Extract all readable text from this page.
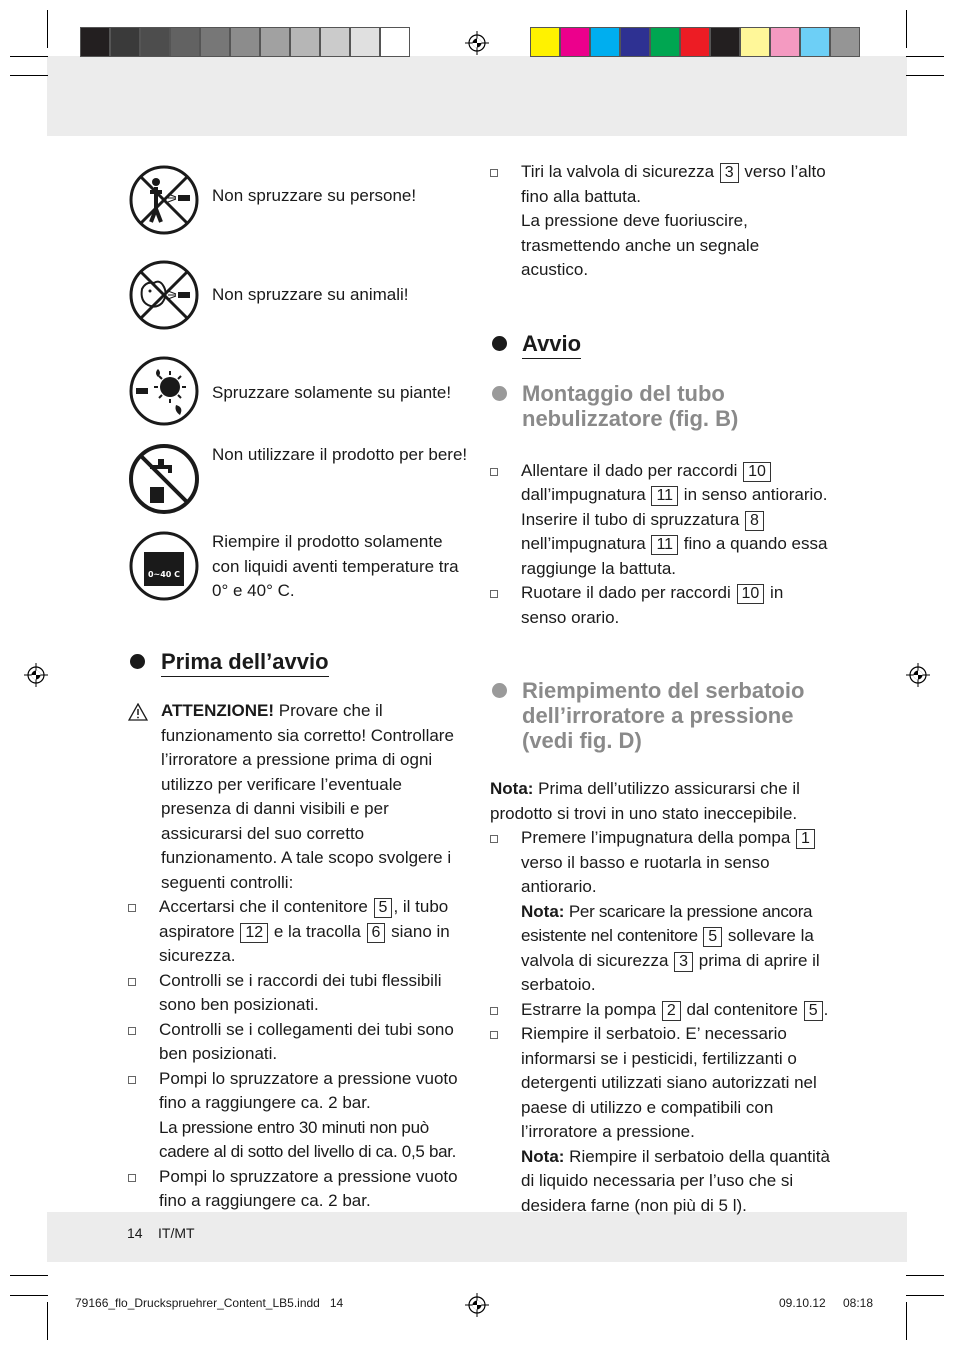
Non spruzzare su persone!
Non spruzzare su animali!
Spruzzare solamente su piante!
Non utilizzare il prodotto per bere!
0~40 C
Riempire il prodotto solamente con liquidi aventi temperature tra 0° e 40° C.
Prima dell’avvio
ATTENZIONE! Provare che il funzionamento sia corretto! Controllare l’irroratore a pressione prima di ogni utilizzo per verificare l’eventuale presenza di danni visibili e per assicurarsi del suo corretto funzionamento. A tale scopo svolgere i seguenti controlli:
Accertarsi che il contenitore 5 , il tubo aspiratore 12 e la tracolla 6 siano in sicurezza.
Controlli se i raccordi dei tubi flessibili sono ben posizionati.
Controlli se i collegamenti dei tubi sono ben posizionati.
Pompi lo spruzzatore a pressione vuoto fino a raggiungere ca. 2 bar.
La pressione entro 30 minuti non può cadere al di sotto del livello di ca. 0,5 bar.
Pompi lo spruzzatore a pressione vuoto fino a raggiungere ca. 2 bar.
Tiri la valvola di sicurezza 3 verso l’alto fino alla battuta.
La pressione deve fuoriuscire, trasmettendo anche un segnale acustico.
Avvio
Montaggio del tubo nebulizzatore (fig. B)
Allentare il dado per raccordi 10 dall’impugnatura 11 in senso antiorario. Inserire il tubo di spruzzatura 8 nell’impugnatura 11 fino a quando essa raggiunge la battuta.
Ruotare il dado per raccordi 10 in senso orario.
Riempimento del serbatoio dell’irroratore a pressione (vedi fig. D)
Nota: Prima dell’utilizzo assicurarsi che il prodotto si trovi in uno stato ineccepibile.
Premere l’impugnatura della pompa 1 verso il basso e ruotarla in senso antiorario.
Nota: Per scaricare la pressione ancora esistente nel contenitore 5 sollevare la valvola di sicurezza 3 prima di aprire il serbatoio.
Estrarre la pompa 2 dal contenitore 5 .
Riempire il serbatoio. E’ necessario informarsi se i pesticidi, fertilizzanti o detergenti utilizzati siano autorizzati nel paese di utilizzo e compatibili con l’irroratore a pressione.
Nota: Riempire il serbatoio della quantità di liquido necessaria per l’uso che si desidera farne (non più di 5 l).
14 IT/MT
79166_flo_Druckspruehrer_Content_LB5.indd   14	09.10.12 08:18
